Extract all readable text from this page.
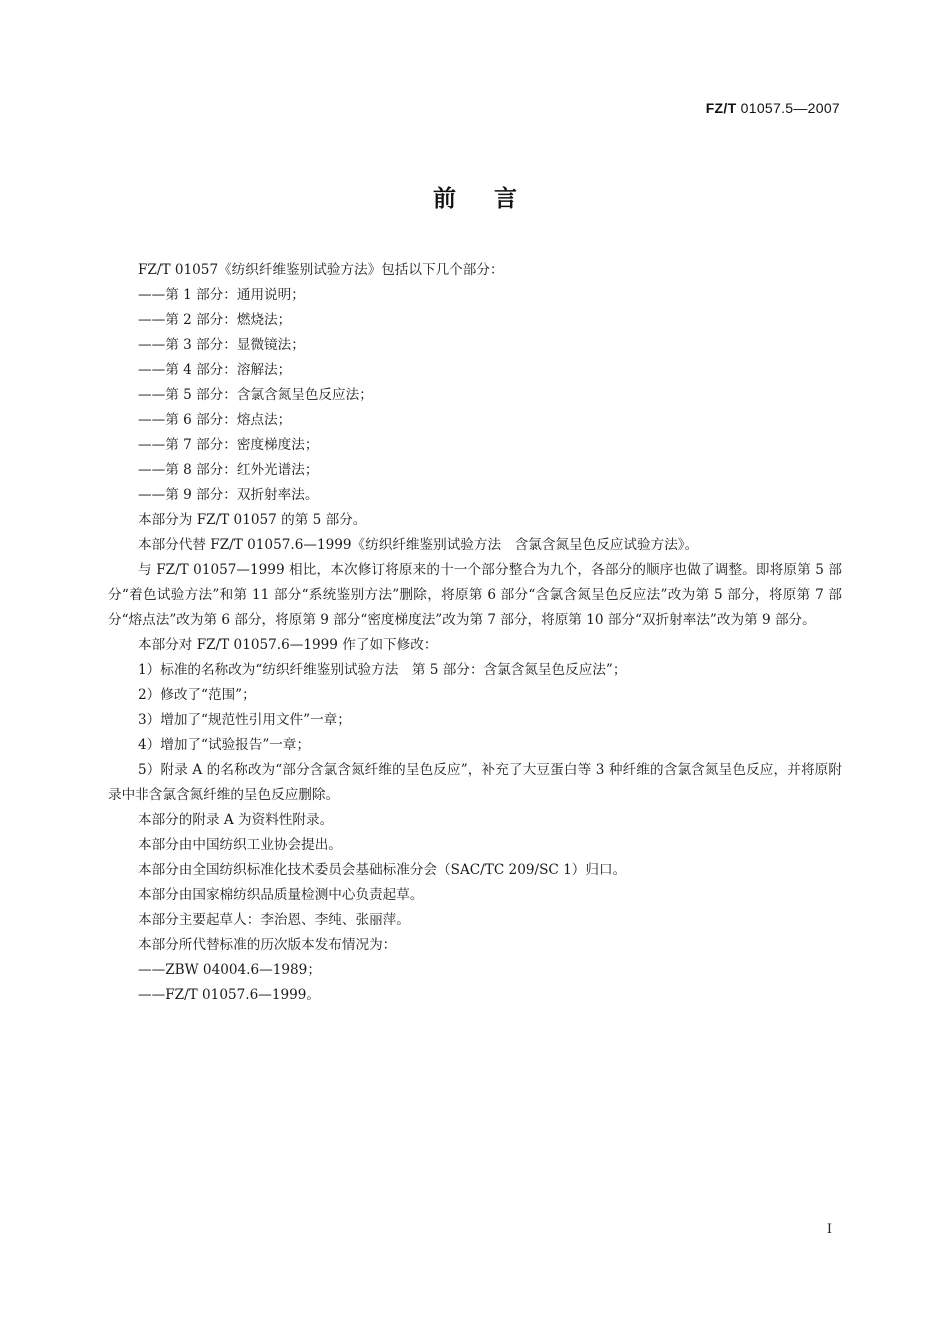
FZ/T 01057.5—2007
前言

FZ/T 01057《纺织纤维鉴别试验方法》包括以下几个部分：

——第 1 部分：通用说明；

——第 2 部分：燃烧法；

——第 3 部分：显微镜法；

——第 4 部分：溶解法；

——第 5 部分：含氯含氮呈色反应法；

——第 6 部分：熔点法；

——第 7 部分：密度梯度法；

——第 8 部分：红外光谱法；

——第 9 部分：双折射率法。

本部分为 FZ/T 01057 的第 5 部分。

本部分代替 FZ/T 01057.6—1999《纺织纤维鉴别试验方法　含氯含氮呈色反应试验方法》。

与 FZ/T 01057—1999 相比，本次修订将原来的十一个部分整合为九个，各部分的顺序也做了调整。即将原第 5 部分“着色试验方法”和第 11 部分“系统鉴别方法”删除，将原第 6 部分“含氯含氮呈色反应法”改为第 5 部分，将原第 7 部分“熔点法”改为第 6 部分，将原第 9 部分“密度梯度法”改为第 7 部分，将原第 10 部分“双折射率法”改为第 9 部分。

本部分对 FZ/T 01057.6—1999 作了如下修改：

1）标准的名称改为“纺织纤维鉴别试验方法　第 5 部分：含氯含氮呈色反应法”；

2）修改了“范围”；

3）增加了“规范性引用文件”一章；

4）增加了“试验报告”一章；

5）附录 A 的名称改为“部分含氯含氮纤维的呈色反应”，补充了大豆蛋白等 3 种纤维的含氯含氮呈色反应，并将原附录中非含氯含氮纤维的呈色反应删除。

本部分的附录 A 为资料性附录。

本部分由中国纺织工业协会提出。

本部分由全国纺织标准化技术委员会基础标准分会（SAC/TC 209/SC 1）归口。

本部分由国家棉纺织品质量检测中心负责起草。

本部分主要起草人：李治恩、李纯、张丽萍。

本部分所代替标准的历次版本发布情况为：

——ZBW 04004.6—1989；

——FZ/T 01057.6—1999。

I
